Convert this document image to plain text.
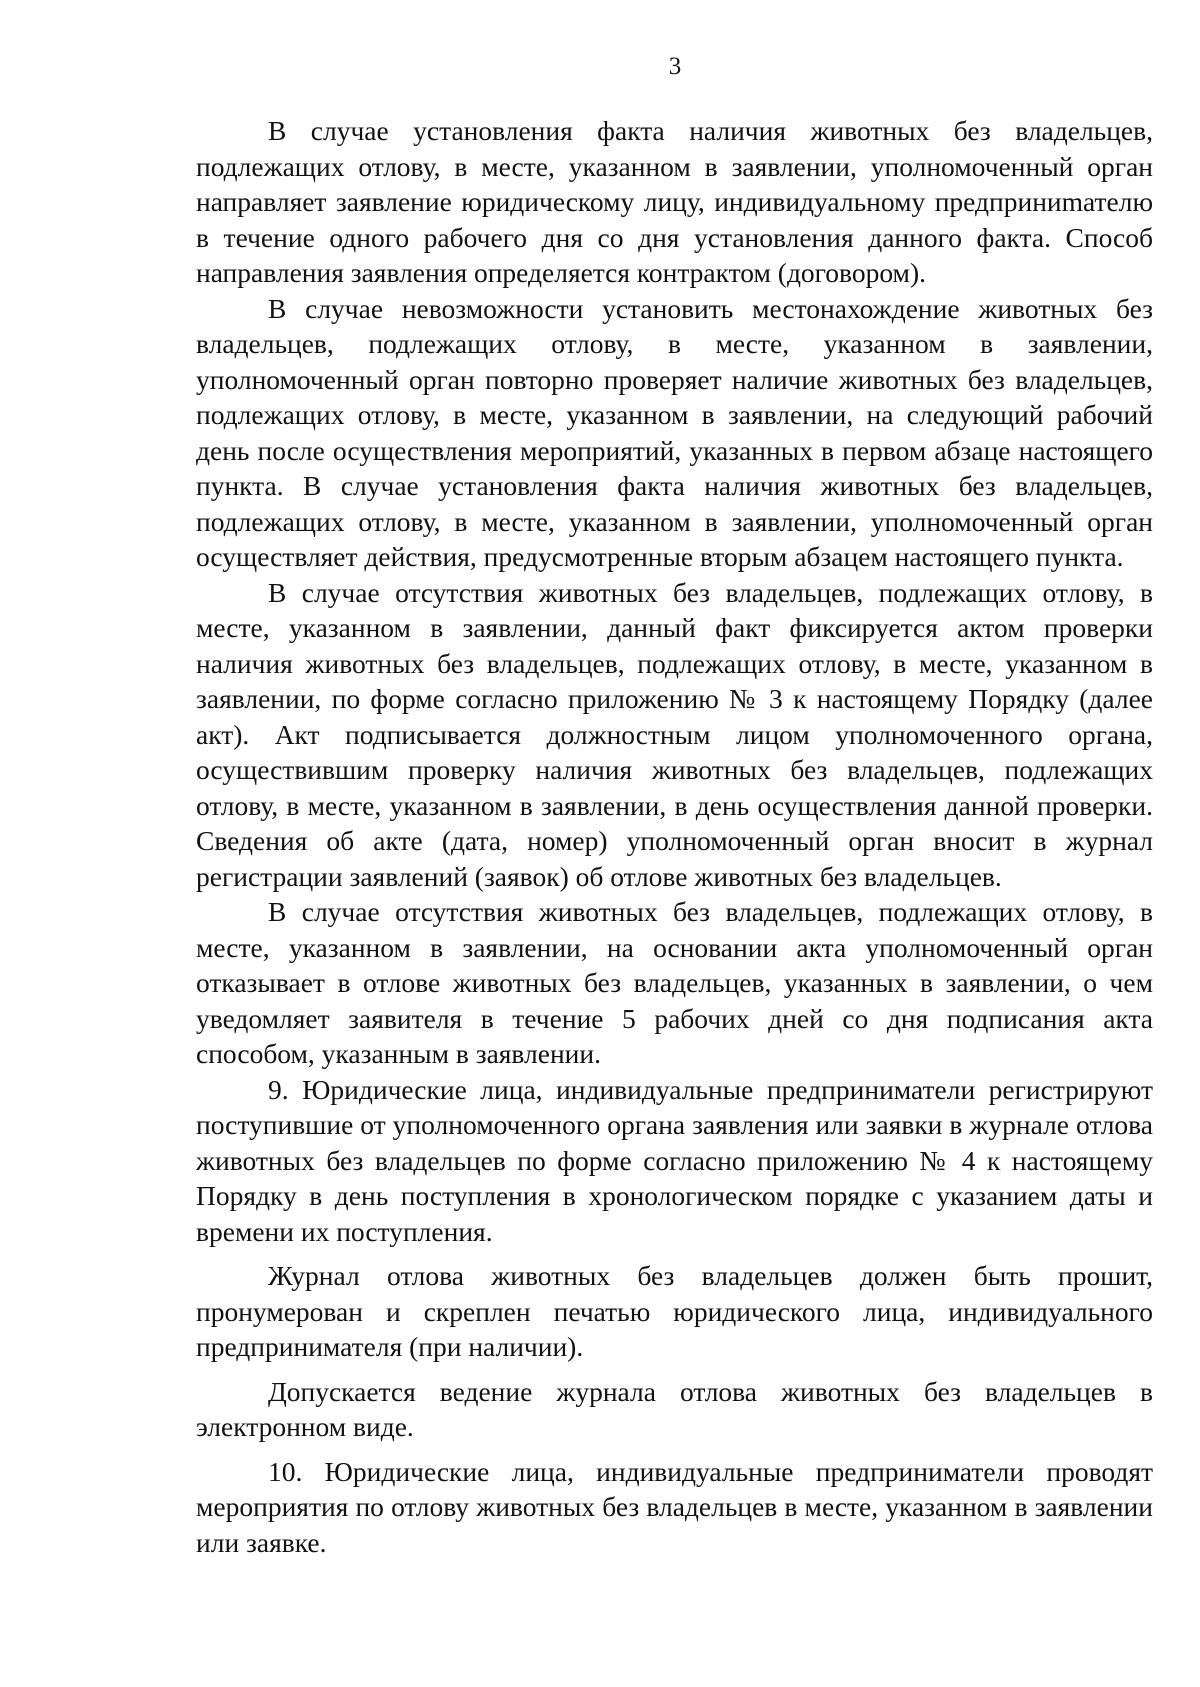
3

В случае установления факта наличия животных без владельцев, подлежащих отлову, в месте, указанном в заявлении, уполномоченный орган направляет заявление юридическому лицу, индивидуальному предприниmателю в течение одного рабочего дня со дня установления данного факта. Способ направления заявления определяется контрактом (договором).

В случае невозможности установить местонахождение животных без владельцев, подлежащих отлову, в месте, указанном в заявлении, уполномоченный орган повторно проверяет наличие животных без владельцев, подлежащих отлову, в месте, указанном в заявлении, на следующий рабочий день после осуществления мероприятий, указанных в первом абзаце настоящего пункта. В случае установления факта наличия животных без владельцев, подлежащих отлову, в месте, указанном в заявлении, уполномоченный орган осуществляет действия, предусмотренные вторым абзацем настоящего пункта.

В случае отсутствия животных без владельцев, подлежащих отлову, в месте, указанном в заявлении, данный факт фиксируется актом проверки наличия животных без владельцев, подлежащих отлову, в месте, указанном в заявлении, по форме согласно приложению № 3 к настоящему Порядку (далее акт). Акт подписывается должностным лицом уполномоченного органа, осуществившим проверку наличия животных без владельцев, подлежащих отлову, в месте, указанном в заявлении, в день осуществления данной проверки. Сведения об акте (дата, номер) уполномоченный орган вносит в журнал регистрации заявлений (заявок) об отлове животных без владельцев.

В случае отсутствия животных без владельцев, подлежащих отлову, в месте, указанном в заявлении, на основании акта уполномоченный орган отказывает в отлове животных без владельцев, указанных в заявлении, о чем уведомляет заявителя в течение 5 рабочих дней со дня подписания акта способом, указанным в заявлении.

9. Юридические лица, индивидуальные предприниматели регистрируют поступившие от уполномоченного органа заявления или заявки в журнале отлова животных без владельцев по форме согласно приложению № 4 к настоящему Порядку в день поступления в хронологическом порядке с указанием даты и времени их поступления.

Журнал отлова животных без владельцев должен быть прошит, пронумерован и скреплен печатью юридического лица, индивидуального предпринимателя (при наличии).

Допускается ведение журнала отлова животных без владельцев в электронном виде.

10. Юридические лица, индивидуальные предприниматели проводят мероприятия по отлову животных без владельцев в месте, указанном в заявлении или заявке.
